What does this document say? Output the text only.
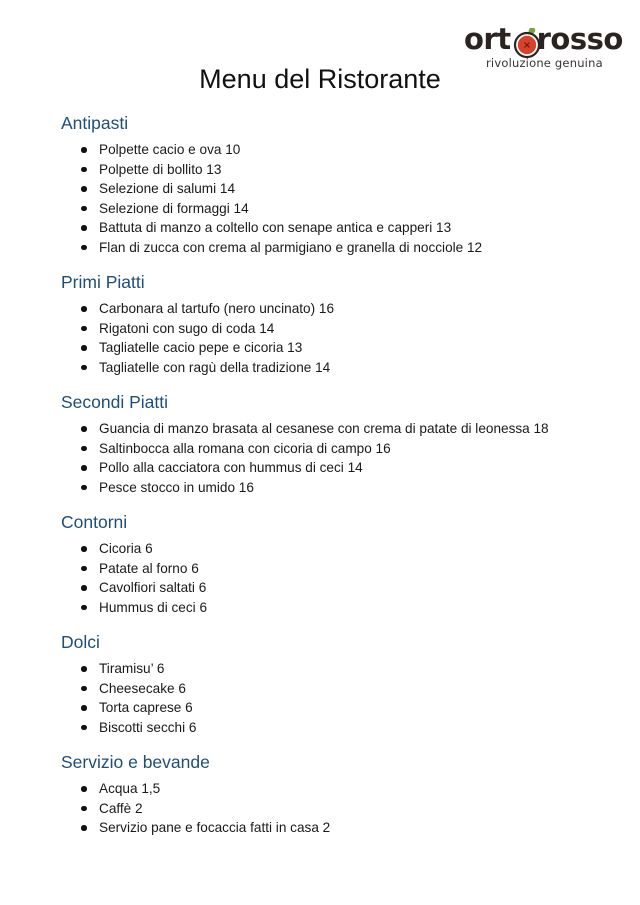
ort rosso
rivoluzione genuina
Menu del Ristorante
Antipasti
Polpette cacio e ova 10
Polpette di bollito 13
Selezione di salumi 14
Selezione di formaggi 14
Battuta di manzo a coltello con senape antica e capperi 13
Flan di zucca con crema al parmigiano e granella di nocciole 12
Primi Piatti
Carbonara al tartufo (nero uncinato) 16
Rigatoni con sugo di coda 14
Tagliatelle cacio pepe e cicoria 13
Tagliatelle con ragù della tradizione 14
Secondi Piatti
Guancia di manzo brasata al cesanese con crema di patate di leonessa 18
Saltinbocca alla romana con cicoria di campo 16
Pollo alla cacciatora con hummus di ceci 14
Pesce stocco in umido 16
Contorni
Cicoria 6
Patate al forno 6
Cavolfiori saltati 6
Hummus di ceci 6
Dolci
Tiramisu’ 6
Cheesecake 6
Torta caprese 6
Biscotti secchi 6
Servizio e bevande
Acqua 1,5
Caffè 2
Servizio pane e focaccia fatti in casa 2
